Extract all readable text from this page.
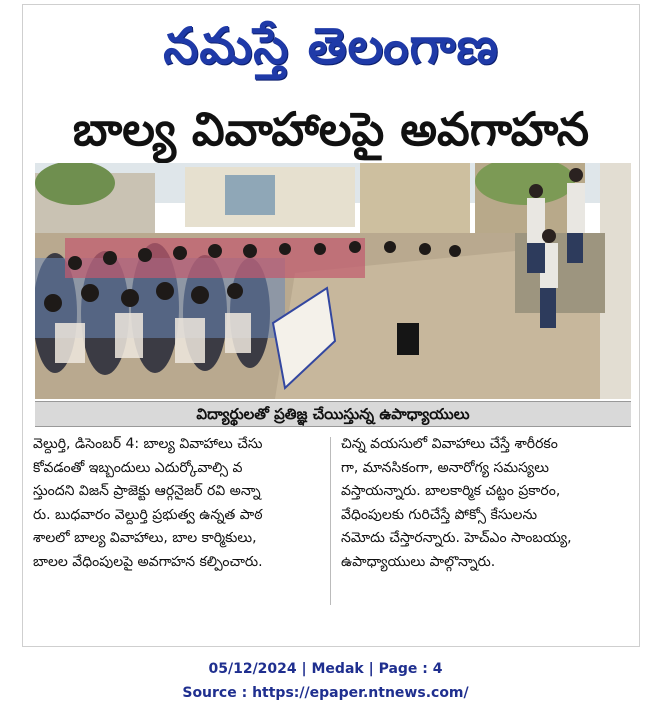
నమస్తే తెలంగాణ
బాల్య వివాహాలపై అవగాహన
విద్యార్థులతో ప్రతిజ్ఞ చేయిస్తున్న ఉపాధ్యాయులు
వెల్దుర్తి, డిసెంబర్ 4: బాల్య వివాహాలు చేసు
కోవడంతో ఇబ్బందులు ఎదుర్కోవాల్సి వ
స్తుందని విజన్ ప్రాజెక్టు ఆర్గనైజర్ రవి అన్నా
రు. బుధవారం వెల్దుర్తి ప్రభుత్వ ఉన్నత పాఠ
శాలలో బాల్య వివాహాలు, బాల కార్మికులు,
బాలల వేధింపులపై అవగాహన కల్పించారు.
చిన్న వయసులో వివాహాలు చేస్తే శారీరకం
గా, మానసికంగా, అనారోగ్య సమస్యలు
వస్తాయన్నారు. బాలకార్మిక చట్టం ప్రకారం,
వేధింపులకు గురిచేస్తే పోక్సో కేసులను
నమోదు చేస్తారన్నారు. హెచ్‌ఎం సాంబయ్య,
ఉపాధ్యాయులు పాల్గొన్నారు.
05/12/2024 | Medak | Page : 4
Source : https://epaper.ntnews.com/
